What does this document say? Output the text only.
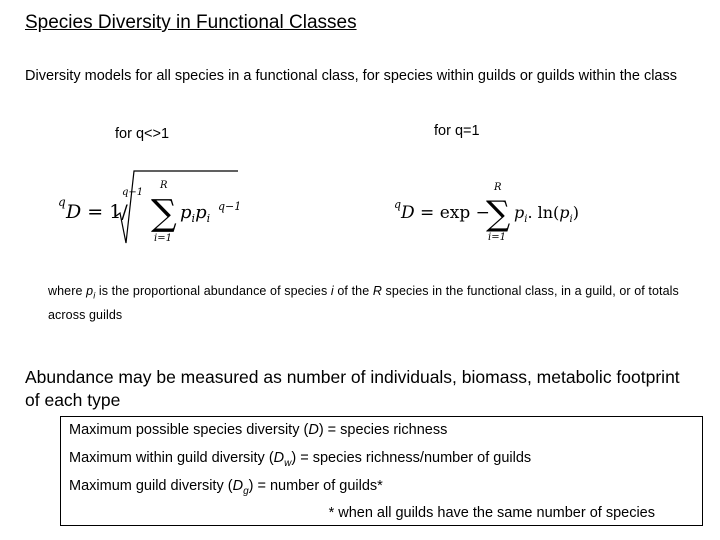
Species Diversity in Functional Classes
Diversity models for all species in a functional class, for species within guilds or guilds within the class
for q<>1	for q=1
q D = 1/
q−1
R
∑
i=1
$p_ip_i$
q−1	q D = exp −
R
∑
i=1
$p_i$. $\ln(p_i)$
where $p_i$ is the proportional abundance of species i of the R species in the functional class, in a guild, or of totals across guilds
Abundance may be measured as number of individuals, biomass, metabolic footprint of each type
Maximum possible species diversity (D) = species richness
Maximum within guild diversity $(D_w)$ = species richness/number of guilds
Maximum guild diversity $(D_g)$ = number of guilds*
* when all guilds have the same number of species
